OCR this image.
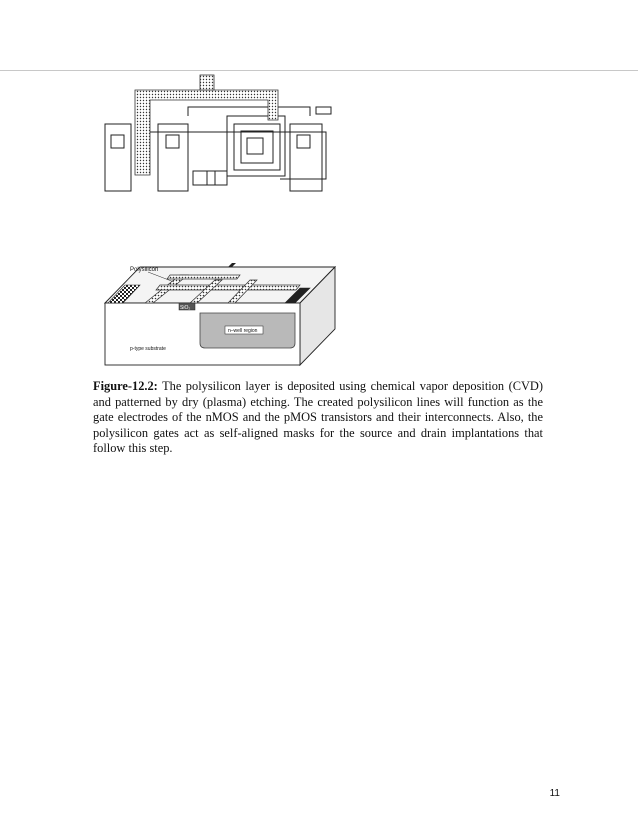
Polysilicon
SiO₂
n–well region
p-type substrate
Figure-12.2: The polysilicon layer is deposited using chemical vapor deposition (CVD) and patterned by dry (plasma) etching. The created polysilicon lines will function as the gate electrodes of the nMOS and the pMOS transistors and their interconnects. Also, the polysilicon gates act as self-aligned masks for the source and drain implantations that follow this step.
11
